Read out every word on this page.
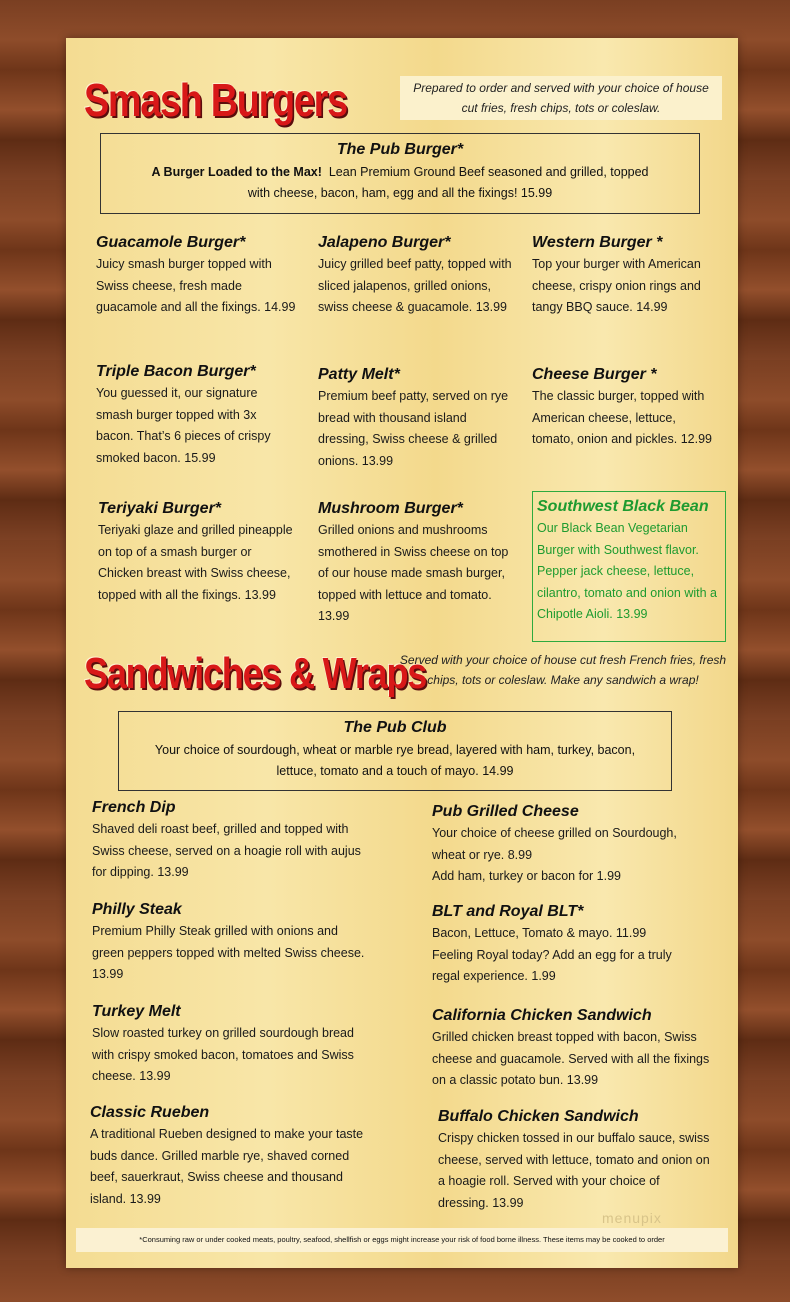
Smash Burgers	Prepared to order and served with your choice of house cut fries, fresh chips, tots or coleslaw.
The Pub Burger*
A Burger Loaded to the Max! Lean Premium Ground Beef seasoned and grilled, topped with cheese, bacon, ham, egg and all the fixings! 15.99
Guacamole Burger*
Juicy smash burger topped with Swiss cheese, fresh made guacamole and all the fixings. 14.99
Jalapeno Burger*
Juicy grilled beef patty, topped with sliced jalapenos, grilled onions, swiss cheese & guacamole. 13.99
Western Burger *
Top your burger with American cheese, crispy onion rings and tangy BBQ sauce. 14.99
Triple Bacon Burger*
You guessed it, our signature smash burger topped with 3x bacon. That’s 6 pieces of crispy smoked bacon. 15.99
Patty Melt*
Premium beef patty, served on rye bread with thousand island dressing, Swiss cheese & grilled onions. 13.99
Cheese Burger *
The classic burger, topped with American cheese, lettuce, tomato, onion and pickles. 12.99
Teriyaki Burger*
Teriyaki glaze and grilled pineapple on top of a smash burger or Chicken breast with Swiss cheese, topped with all the fixings. 13.99
Mushroom Burger*
Grilled onions and mushrooms smothered in Swiss cheese on top of our house made smash burger, topped with lettuce and tomato. 13.99
Southwest Black Bean
Our Black Bean Vegetarian Burger with Southwest flavor. Pepper jack cheese, lettuce, cilantro, tomato and onion with a Chipotle Aioli. 13.99
Sandwiches & Wraps
Served with your choice of house cut fresh French fries, fresh chips, tots or coleslaw. Make any sandwich a wrap!
The Pub Club
Your choice of sourdough, wheat or marble rye bread, layered with ham, turkey, bacon, lettuce, tomato and a touch of mayo. 14.99
French Dip
Shaved deli roast beef, grilled and topped with Swiss cheese, served on a hoagie roll with aujus for dipping. 13.99
Philly Steak
Premium Philly Steak grilled with onions and green peppers topped with melted Swiss cheese. 13.99
Turkey Melt
Slow roasted turkey on grilled sourdough bread with crispy smoked bacon, tomatoes and Swiss cheese. 13.99
Classic Rueben
A traditional Rueben designed to make your taste buds dance. Grilled marble rye, shaved corned beef, sauerkraut, Swiss cheese and thousand island. 13.99
Pub Grilled Cheese
Your choice of cheese grilled on Sourdough, wheat or rye. 8.99
Add ham, turkey or bacon for 1.99
BLT and Royal BLT*
Bacon, Lettuce, Tomato & mayo. 11.99
Feeling Royal today? Add an egg for a truly regal experience. 1.99
California Chicken Sandwich
Grilled chicken breast topped with bacon, Swiss cheese and guacamole. Served with all the fixings on a classic potato bun. 13.99
Buffalo Chicken Sandwich
Crispy chicken tossed in our buffalo sauce, swiss cheese, served with lettuce, tomato and onion on a hoagie roll. Served with your choice of dressing. 13.99
menupix
*Consuming raw or under cooked meats, poultry, seafood, shellfish or eggs might increase your risk of food borne illness. These items may be cooked to order
